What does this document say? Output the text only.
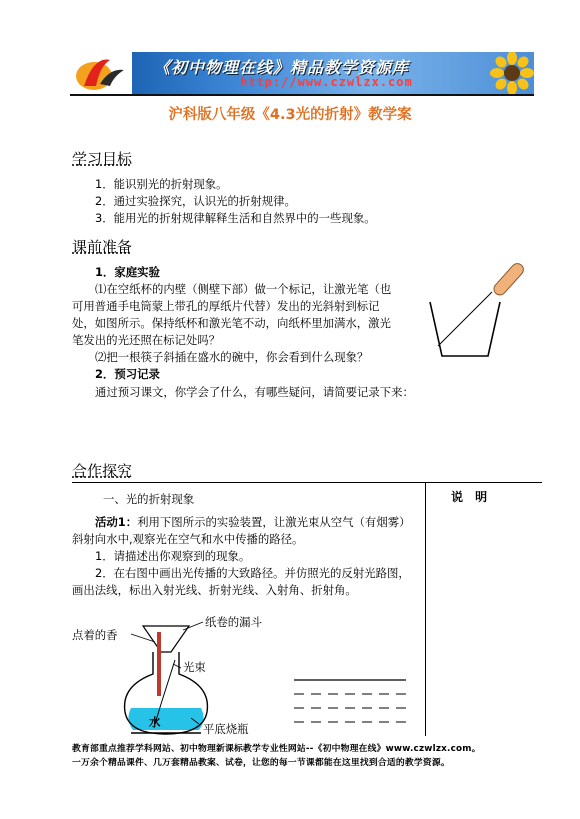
《初中物理在线》精品教学资源库
http://www.czwlzx.com
沪科版八年级《4.3光的折射》教学案
学习目标
1．能识别光的折射现象。
2．通过实验探究，认识光的折射规律。
3．能用光的折射规律解释生活和自然界中的一些现象。
课前准备
1．家庭实验
⑴在空纸杯的内壁（侧壁下部）做一个标记，让激光笔（也
可用普通手电筒蒙上带孔的厚纸片代替）发出的光斜射到标记
处，如图所示。保持纸杯和激光笔不动，向纸杯里加满水，激光
笔发出的光还照在标记处吗？
⑵把一根筷子斜插在盛水的碗中，你会看到什么现象？
2．预习记录
通过预习课文，你学会了什么，有哪些疑问，请简要记录下来：
合作探究
说 明
一、光的折射现象
活动1：利用下图所示的实验装置，让激光束从空气（有烟雾）
斜射向水中,观察光在空气和水中传播的路径。
1．请描述出你观察到的现象。
2．在右图中画出光传播的大致路径。并仿照光的反射光路图，
画出法线，标出入射光线、折射光线、入射角、折射角。
点着的香
纸卷的漏斗
光束
水	平底烧瓶
教育部重点推荐学科网站、初中物理新课标教学专业性网站--《初中物理在线》www.czwlzx.com。
一万余个精品课件、几万套精品教案、试卷，让您的每一节课都能在这里找到合适的教学资源。
